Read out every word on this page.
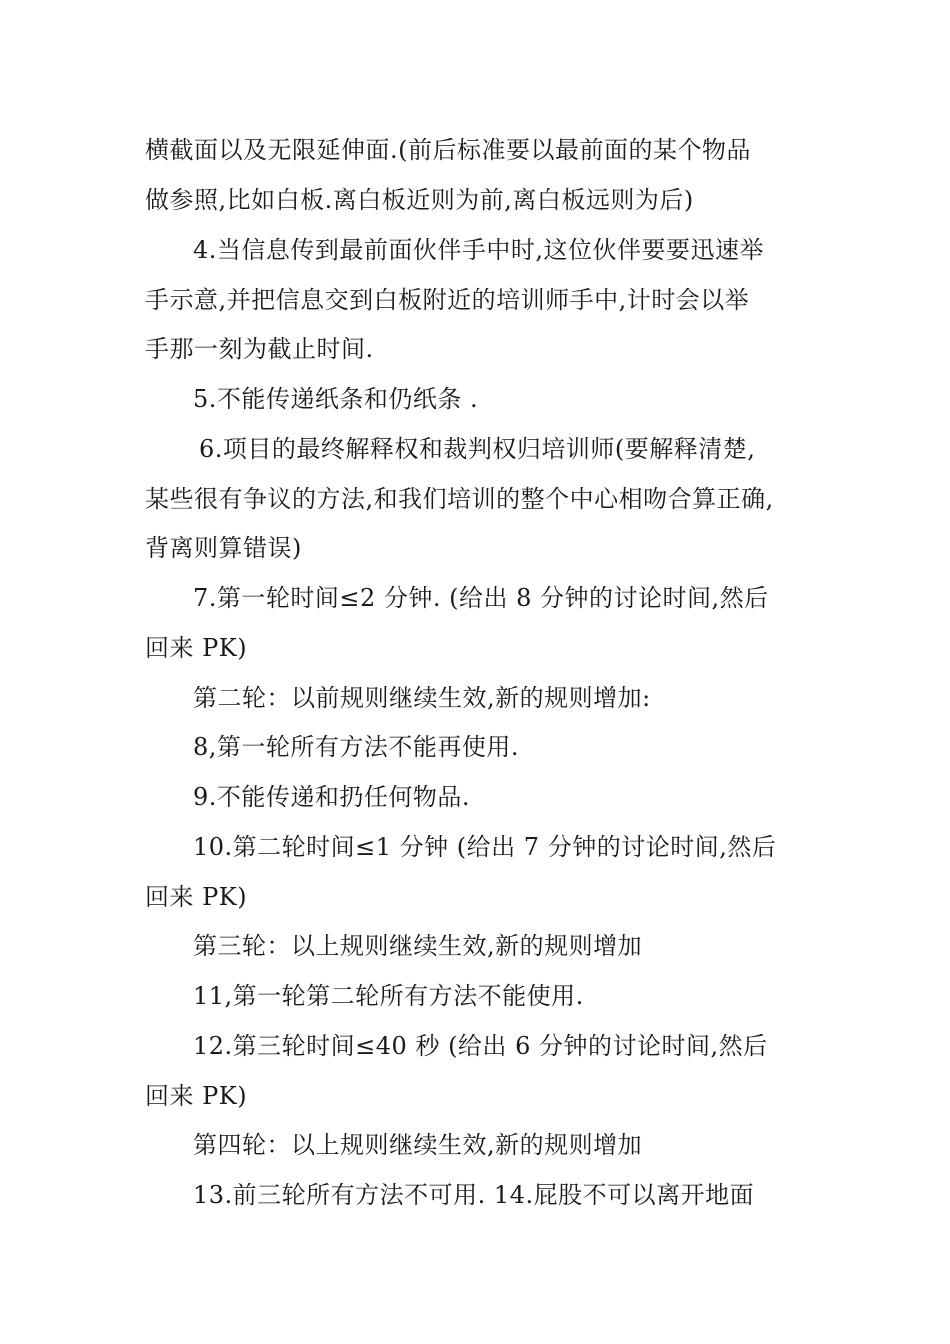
横截面以及无限延伸面.(前后标准要以最前面的某个物品
做参照,比如白板.离白板近则为前,离白板远则为后)
4.当信息传到最前面伙伴手中时,这位伙伴要要迅速举
手示意,并把信息交到白板附近的培训师手中,计时会以举
手那一刻为截止时间.
5.不能传递纸条和仍纸条 .
6.项目的最终解释权和裁判权归培训师(要解释清楚,
某些很有争议的方法,和我们培训的整个中心相吻合算正确,
背离则算错误)
7.第一轮时间≤2 分钟. (给出 8 分钟的讨论时间,然后
回来 PK)
第二轮：以前规则继续生效,新的规则增加:
8,第一轮所有方法不能再使用.
9.不能传递和扔任何物品.
10.第二轮时间≤1 分钟 (给出 7 分钟的讨论时间,然后
回来 PK)
第三轮：以上规则继续生效,新的规则增加
11,第一轮第二轮所有方法不能使用.
12.第三轮时间≤40 秒 (给出 6 分钟的讨论时间,然后
回来 PK)
第四轮：以上规则继续生效,新的规则增加
13.前三轮所有方法不可用. 14.屁股不可以离开地面
